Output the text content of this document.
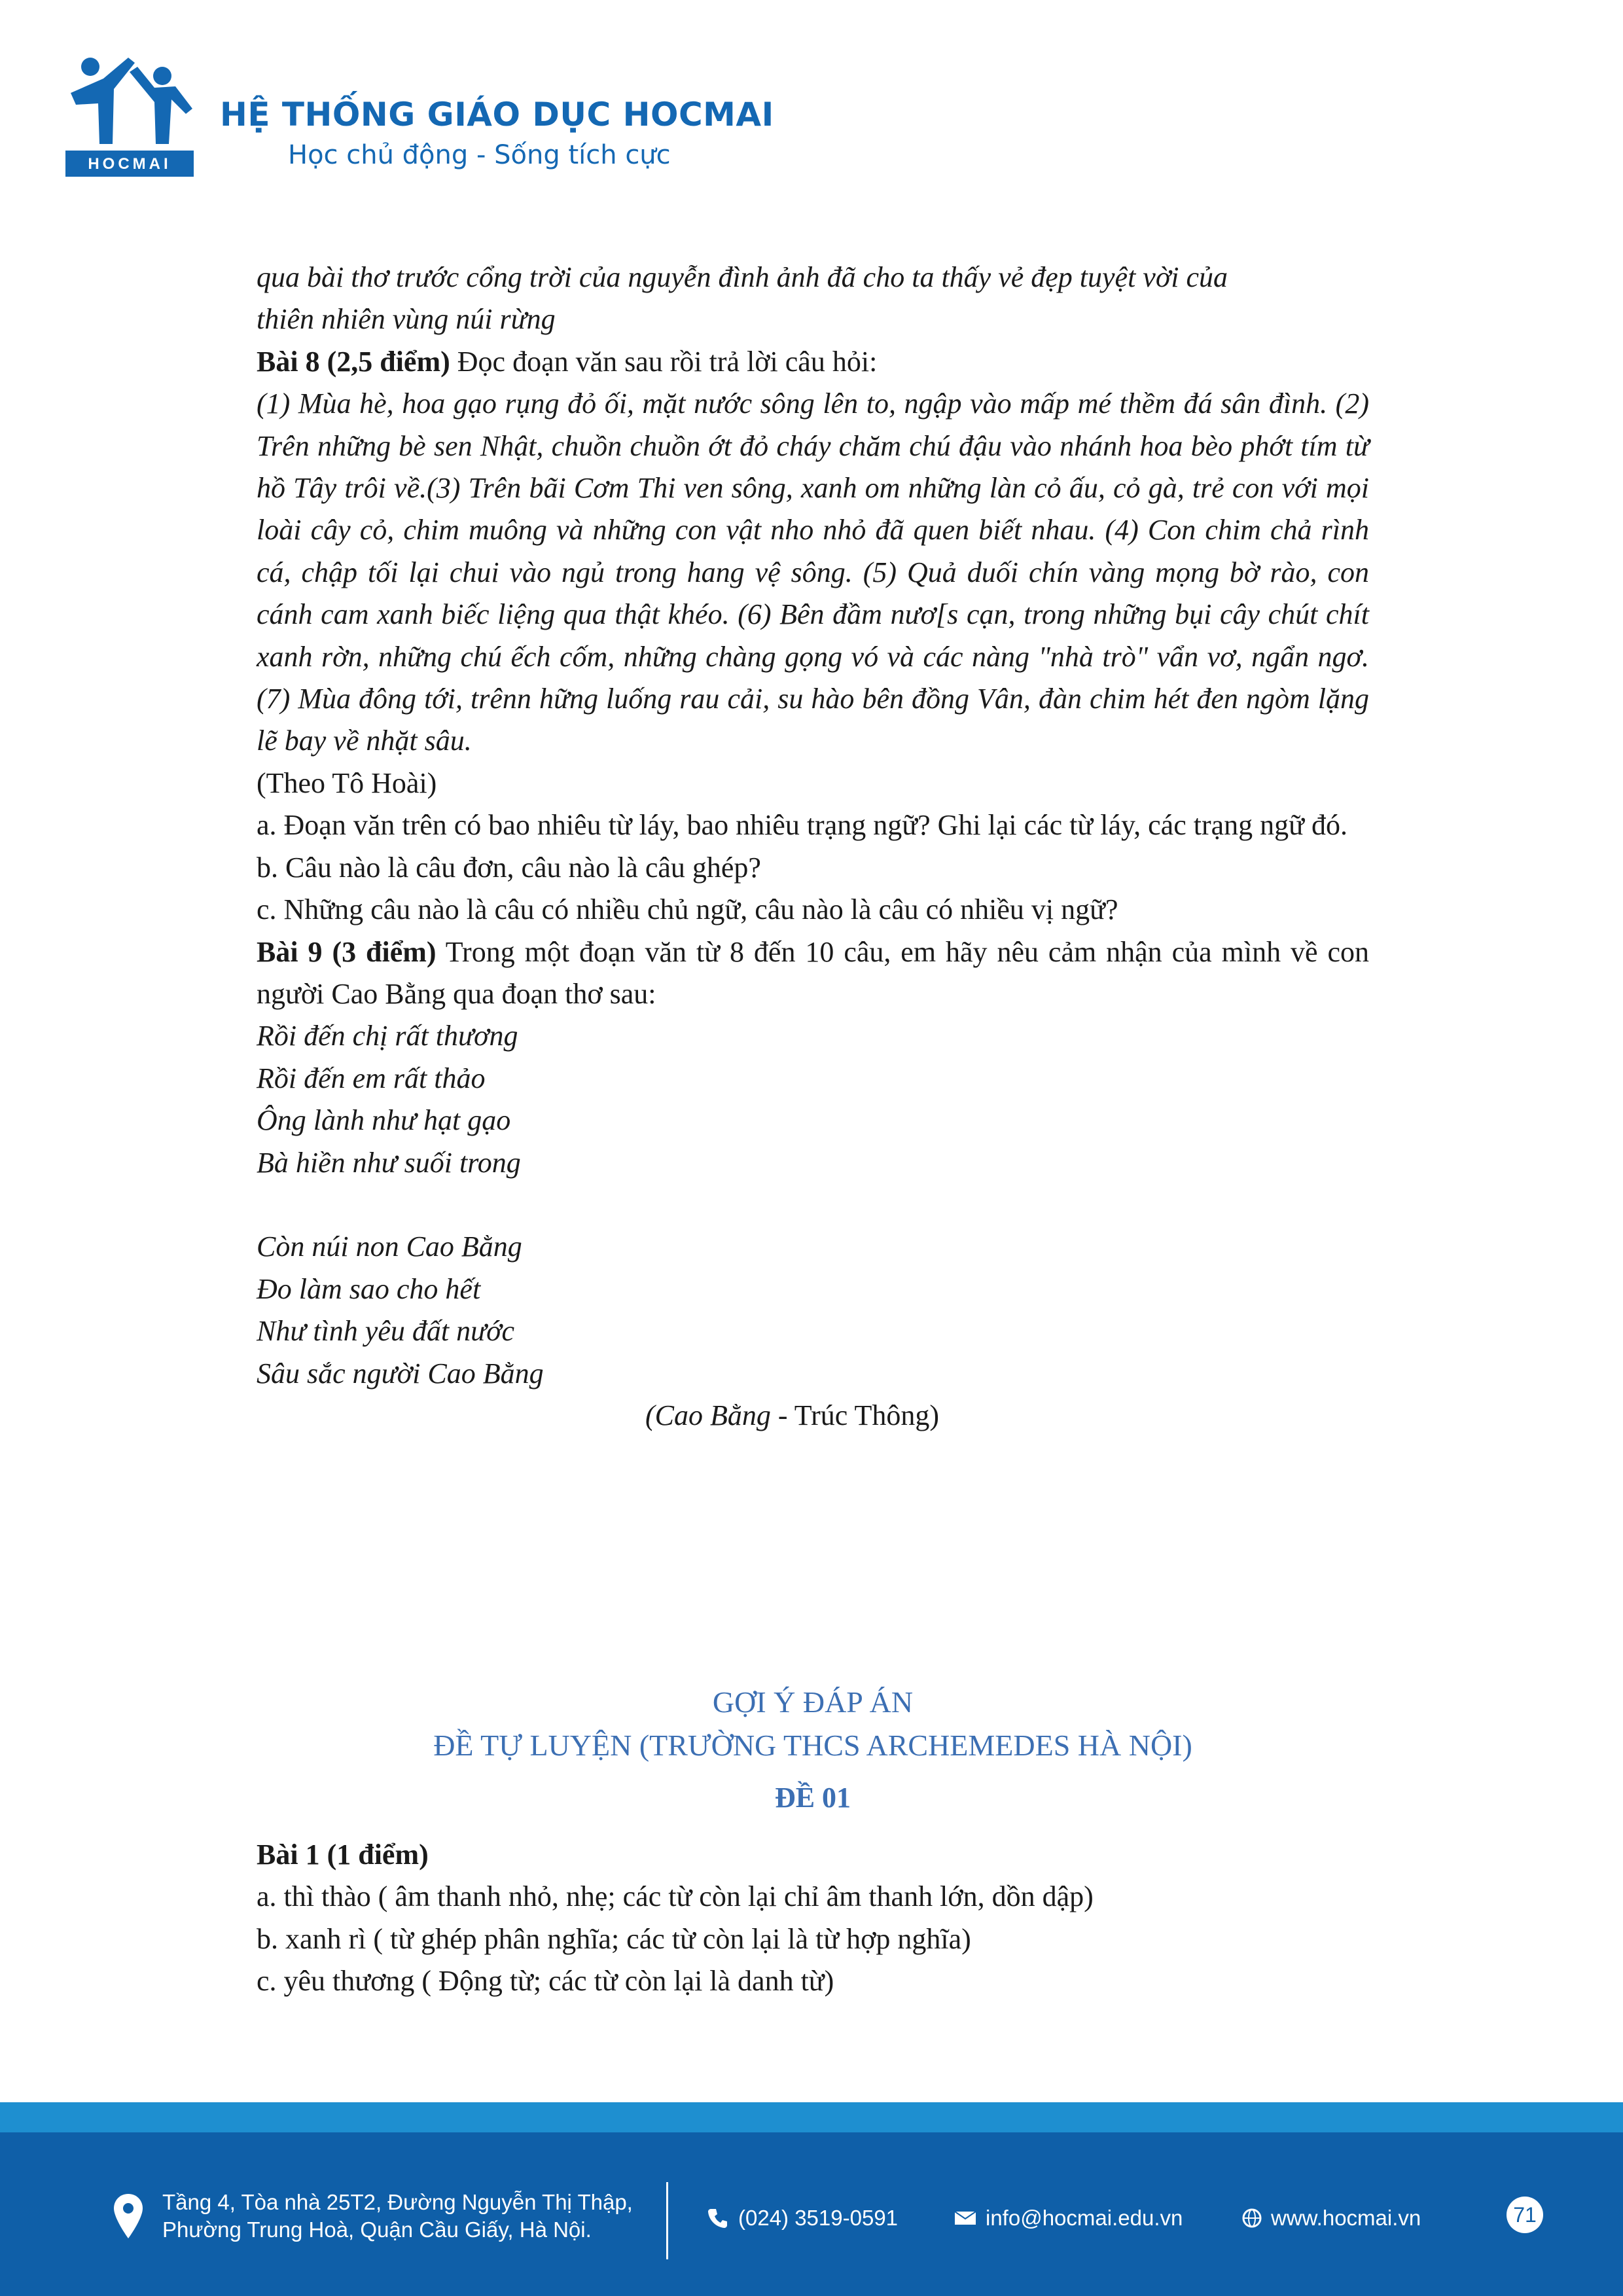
HOCMAI
HỆ THỐNG GIÁO DỤC HOCMAI
Học chủ động - Sống tích cực

qua bài thơ trước cổng trời của nguyễn đình ảnh đã cho ta thấy vẻ đẹp tuyệt vời của

thiên nhiên vùng núi rừng

Bài 8 (2,5 điểm) Đọc đoạn văn sau rồi trả lời câu hỏi:

(1) Mùa hè, hoa gạo rụng đỏ ối, mặt nước sông lên to, ngập vào mấp mé thềm đá sân đình. (2) Trên những bè sen Nhật, chuồn chuồn ớt đỏ cháy chăm chú đậu vào nhánh hoa bèo phớt tím từ hồ Tây trôi về.(3) Trên bãi Cơm Thi ven sông, xanh om những làn cỏ ấu, cỏ gà, trẻ con với mọi loài cây cỏ, chim muông và những con vật nho nhỏ đã quen biết nhau. (4) Con chim chả rình cá, chập tối lại chui vào ngủ trong hang vệ sông. (5) Quả duối chín vàng mọng bờ rào, con cánh cam xanh biếc liệng qua thật khéo. (6) Bên đầm nươ[s cạn, trong những bụi cây chút chít xanh rờn, những chú ếch cốm, những chàng gọng vó và các nàng "nhà trò" vẩn vơ, ngẩn ngơ. (7) Mùa đông tới, trênn hững luống rau cải, su hào bên đồng Vân, đàn chim hét đen ngòm lặng lẽ bay về nhặt sâu.

(Theo Tô Hoài)

a. Đoạn văn trên có bao nhiêu từ láy, bao nhiêu trạng ngữ? Ghi lại các từ láy, các trạng ngữ đó.

b. Câu nào là câu đơn, câu nào là câu ghép?

c. Những câu nào là câu có nhiều chủ ngữ, câu nào là câu có nhiều vị ngữ?

Bài 9 (3 điểm) Trong một đoạn văn từ 8 đến 10 câu, em hãy nêu cảm nhận của mình về con người Cao Bằng qua đoạn thơ sau:

Rồi đến chị rất thương

Rồi đến em rất thảo

Ông lành như hạt gạo

Bà hiền như suối trong

Còn núi non Cao Bằng

Đo làm sao cho hết

Như tình yêu đất nước

Sâu sắc người Cao Bằng

(Cao Bằng - Trúc Thông)

GỢI Ý ĐÁP ÁN

ĐỀ TỰ LUYỆN (TRƯỜNG THCS ARCHEMEDES HÀ NỘI)

ĐỀ 01

Bài 1 (1 điểm)

a. thì thào ( âm thanh nhỏ, nhẹ; các từ còn lại chỉ âm thanh lớn, dồn dập)

b. xanh rì ( từ ghép phân nghĩa; các từ còn lại là từ hợp nghĩa)

c. yêu thương ( Động từ; các từ còn lại là danh từ)

Tầng 4, Tòa nhà 25T2, Đường Nguyễn Thị Thập,
Phường Trung Hoà, Quận Cầu Giấy, Hà Nội.	(024) 3519-0591	info@hocmai.edu.vn	www.hocmai.vn	71
